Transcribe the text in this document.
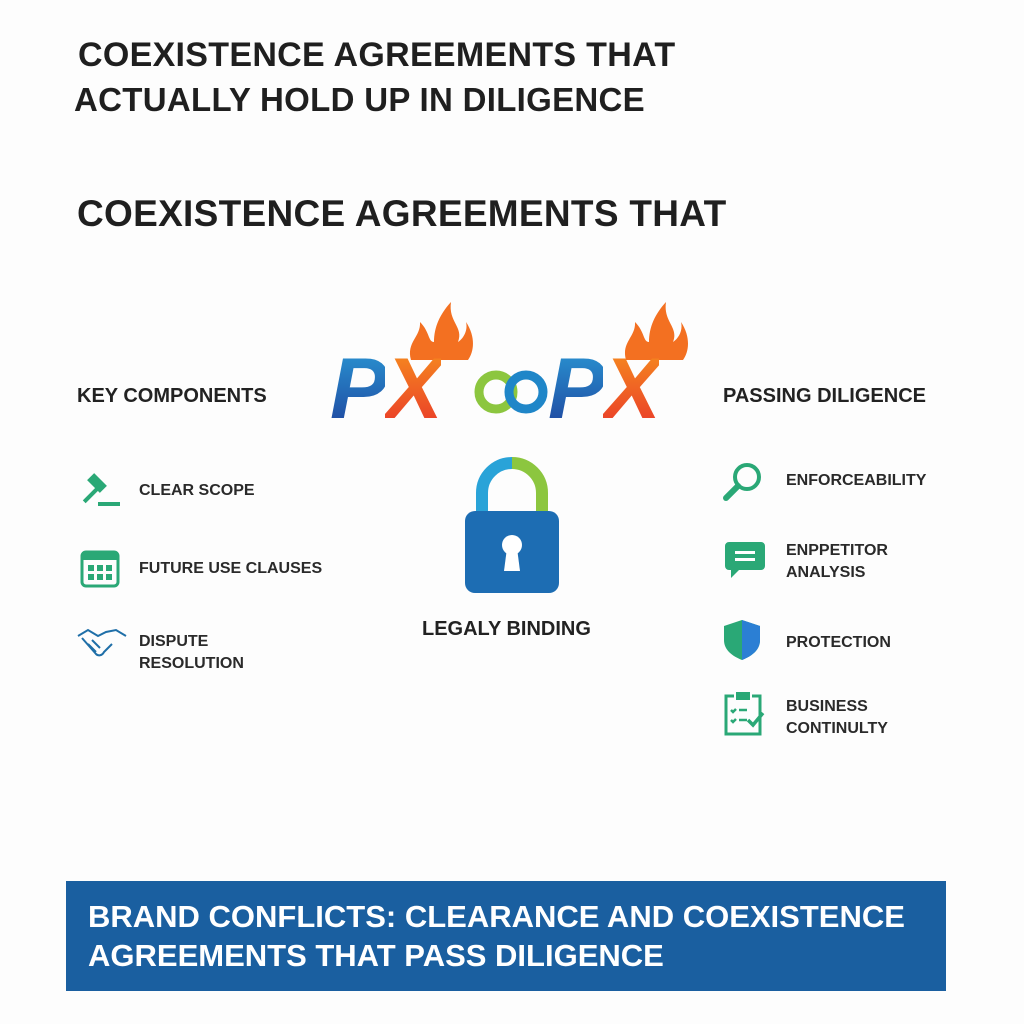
COEXISTENCE AGREEMENTS THAT
ACTUALLY HOLD UP IN DILIGENCE
COEXISTENCE AGREEMENTS THAT
PX PX
KEY COMPONENTS
CLEAR SCOPE
FUTURE USE CLAUSES
DISPUTE
RESOLUTION
LEGALY BINDING
PASSING DILIGENCE
ENFORCEABILITY
ENPPETITOR
ANALYSIS
PROTECTION
BUSINESS
CONTINULTY
BRAND CONFLICTS: CLEARANCE AND COEXISTENCE
AGREEMENTS THAT PASS DILIGENCE
